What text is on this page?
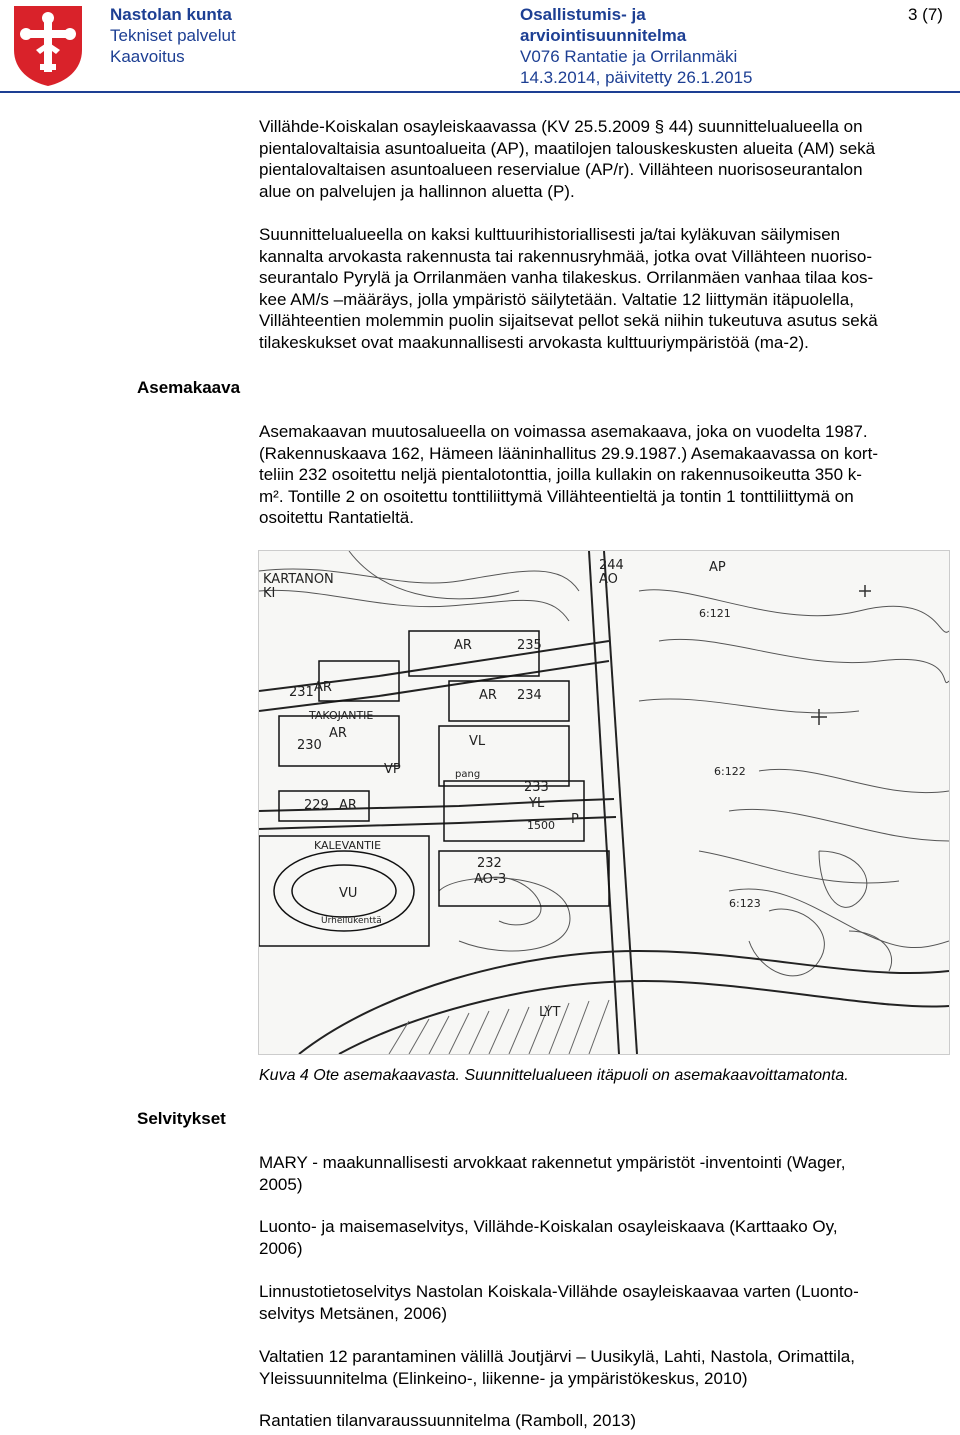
Nastolan kunta
Tekniset palvelut
Kaavoitus
Osallistumis- ja
arviointisuunnitelma
V076 Rantatie ja Orrilanmäki
14.3.2014, päivitetty 26.1.2015
3 (7)

Villähde-Koiskalan osayleiskaavassa (KV 25.5.2009 § 44) suunnittelualueella on
pientalovaltaisia asuntoalueita (AP), maatilojen talouskeskusten alueita (AM) sekä
pientalovaltaisen asuntoalueen reservialue (AP/r). Villähteen nuorisoseurantalon
alue on palvelujen ja hallinnon aluetta (P).

Suunnittelualueella on kaksi kulttuurihistoriallisesti ja/tai kyläkuvan säilymisen
kannalta arvokasta rakennusta tai rakennusryhmää, jotka ovat Villähteen nuoriso-
seurantalo Pyrylä ja Orrilanmäen vanha tilakeskus. Orrilanmäen vanhaa tilaa kos-
kee AM/s –määräys, jolla ympäristö säilytetään. Valtatie 12 liittymän itäpuolella,
Villähteentien molemmin puolin sijaitsevat pellot sekä niihin tukeutuva asutus sekä
tilakeskukset ovat maakunnallisesti arvokasta kulttuuriympäristöä (ma-2).

Asemakaava

Asemakaavan muutosalueella on voimassa asemakaava, joka on vuodelta 1987.
(Rakennuskaava 162, Hämeen lääninhallitus 29.9.1987.) Asemakaavassa on kort-
teliin 232 osoitettu neljä pientalotonttia, joilla kullakin on rakennusoikeutta 350 k-
m². Tontille 2 on osoitettu tonttiliittymä Villähteentieltä ja tontin 1 tonttiliittymä on
osoitettu Rantatieltä.

KARTANON
KI
TAKOJANTIE
KALEVANTIE
Urheilukenttä
LYT
AR
AR
AR
AR
AR
AO
AO-3
VL
VP
VU
YL
P
AP
244
235
234
233
232
231
230
229
6:121
6:122
6:123
1500
pang
Kuva 4 Ote asemakaavasta. Suunnittelualueen itäpuoli on asemakaavoittamatonta.
Selvitykset

MARY - maakunnallisesti arvokkaat rakennetut ympäristöt -inventointi (Wager,
2005)

Luonto- ja maisemaselvitys, Villähde-Koiskalan osayleiskaava (Karttaako Oy,
2006)

Linnustotietoselvitys Nastolan Koiskala-Villähde osayleiskaavaa varten (Luonto-
selvitys Metsänen, 2006)

Valtatien 12 parantaminen välillä Joutjärvi – Uusikylä, Lahti, Nastola, Orimattila,
Yleissuunnitelma (Elinkeino-, liikenne- ja ympäristökeskus, 2010)

Rantatien tilanvaraussuunnitelma (Ramboll, 2013)
